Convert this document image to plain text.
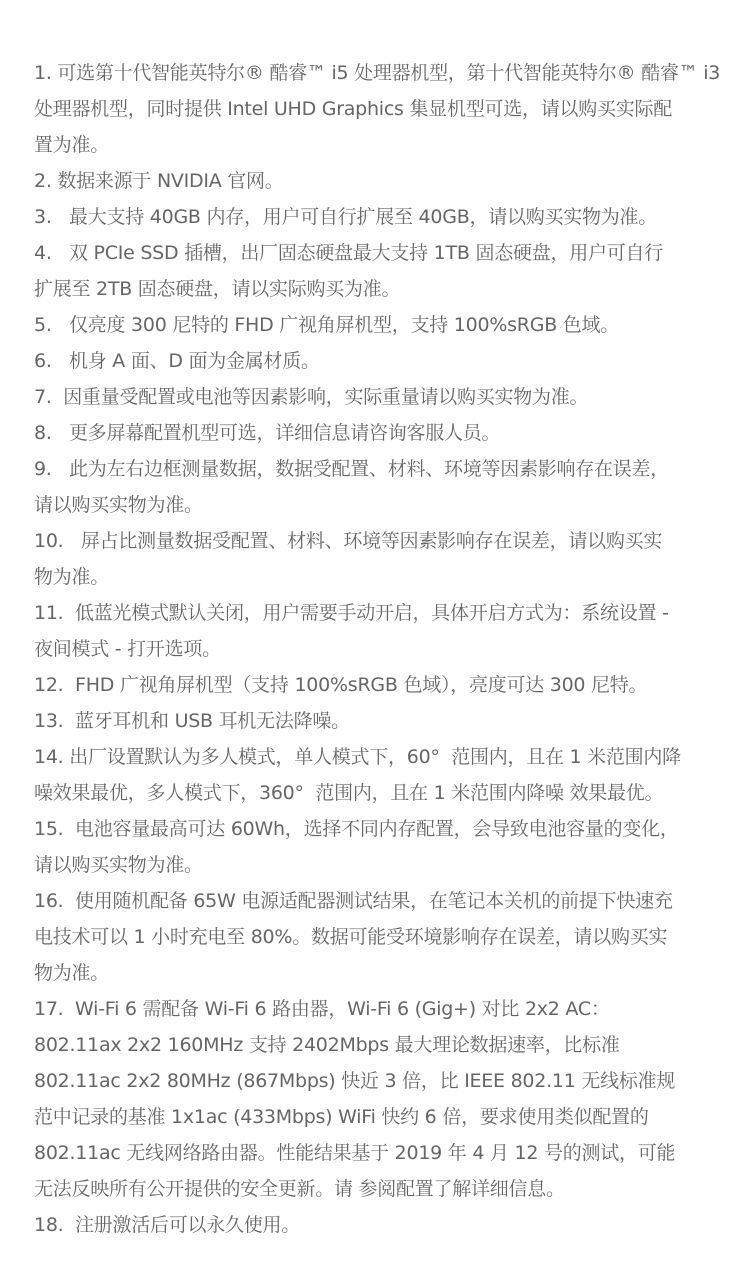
1. 可选第十代智能英特尔® 酷睿™ i5 处理器机型，第十代智能英特尔® 酷睿™ i3
处理器机型，同时提供 Intel UHD Graphics 集显机型可选，请以购买实际配
置为准。
2. 数据来源于 NVIDIA 官网。
3.   最大支持 40GB 内存，用户可自行扩展至 40GB，请以购买实物为准。
4.   双 PCIe SSD 插槽，出厂固态硬盘最大支持 1TB 固态硬盘，用户可自行
扩展至 2TB 固态硬盘，请以实际购买为准。
5.   仅亮度 300 尼特的 FHD 广视角屏机型，支持 100%sRGB 色域。
6.   机身 A 面、D 面为金属材质。
7.  因重量受配置或电池等因素影响，实际重量请以购买实物为准。
8.   更多屏幕配置机型可选，详细信息请咨询客服人员。
9.   此为左右边框测量数据，数据受配置、材料、环境等因素影响存在误差，
请以购买实物为准。
10.   屏占比测量数据受配置、材料、环境等因素影响存在误差，请以购买实
物为准。
11.  低蓝光模式默认关闭，用户需要手动开启，具体开启方式为：系统设置 -
夜间模式 - 打开选项。
12.  FHD 广视角屏机型（支持 100%sRGB 色域），亮度可达 300 尼特。
13.  蓝牙耳机和 USB 耳机无法降噪。
14. 出厂设置默认为多人模式，单人模式下，60°  范围内，且在 1 米范围内降
噪效果最优，多人模式下，360°  范围内，且在 1 米范围内降噪 效果最优。
15.  电池容量最高可达 60Wh，选择不同内存配置，会导致电池容量的变化，
请以购买实物为准。
16.  使用随机配备 65W 电源适配器测试结果，在笔记本关机的前提下快速充
电技术可以 1 小时充电至 80%。数据可能受环境影响存在误差，请以购买实
物为准。
17.  Wi-Fi 6 需配备 Wi-Fi 6 路由器，Wi-Fi 6 (Gig+) 对比 2x2 AC：
802.11ax 2x2 160MHz 支持 2402Mbps 最大理论数据速率，比标准
802.11ac 2x2 80MHz (867Mbps) 快近 3 倍，比 IEEE 802.11 无线标准规
范中记录的基准 1x1ac (433Mbps) WiFi 快约 6 倍，要求使用类似配置的
802.11ac 无线网络路由器。性能结果基于 2019 年 4 月 12 号的测试，可能
无法反映所有公开提供的安全更新。请 参阅配置了解详细信息。
18.  注册激活后可以永久使用。
